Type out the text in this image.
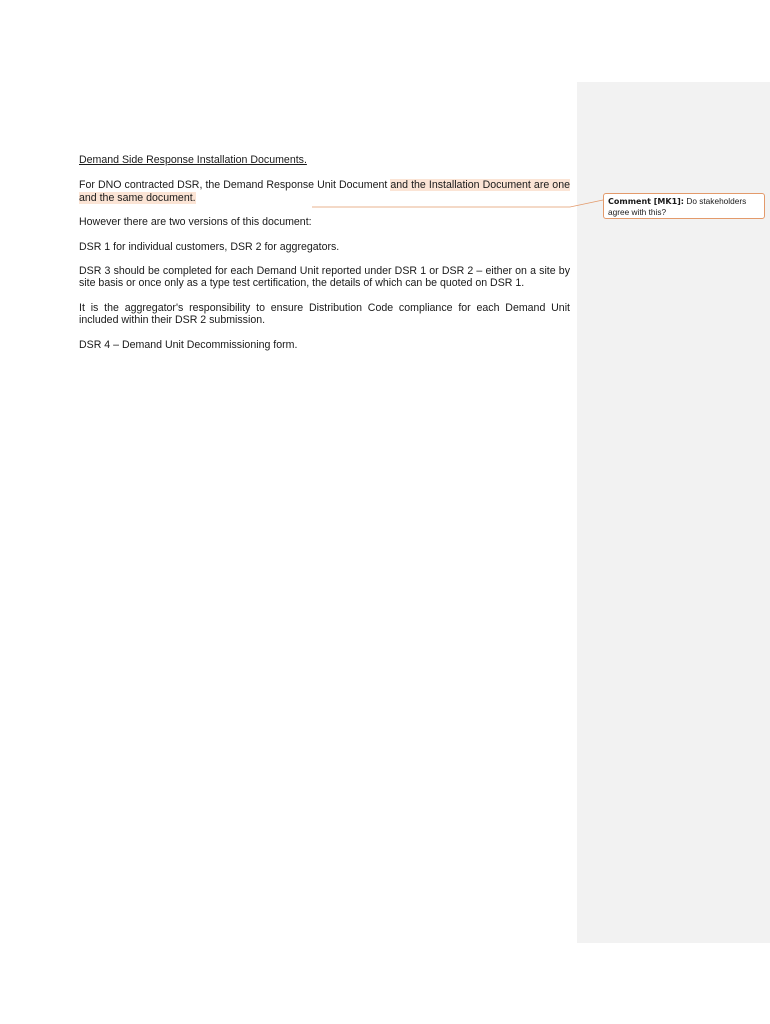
Demand Side Response Installation Documents.

For DNO contracted DSR, the Demand Response Unit Document and the Installation Document are one and the same document.

However there are two versions of this document:

DSR 1 for individual customers, DSR 2 for aggregators.

DSR 3 should be completed for each Demand Unit reported under DSR 1 or DSR 2 – either on a site by site basis or once only as a type test certification, the details of which can be quoted on DSR 1.

It is the aggregator's responsibility to ensure Distribution Code compliance for each Demand Unit included within their DSR 2 submission.

DSR 4 – Demand Unit Decommissioning form.

Comment [MK1]: Do stakeholders agree with this?
